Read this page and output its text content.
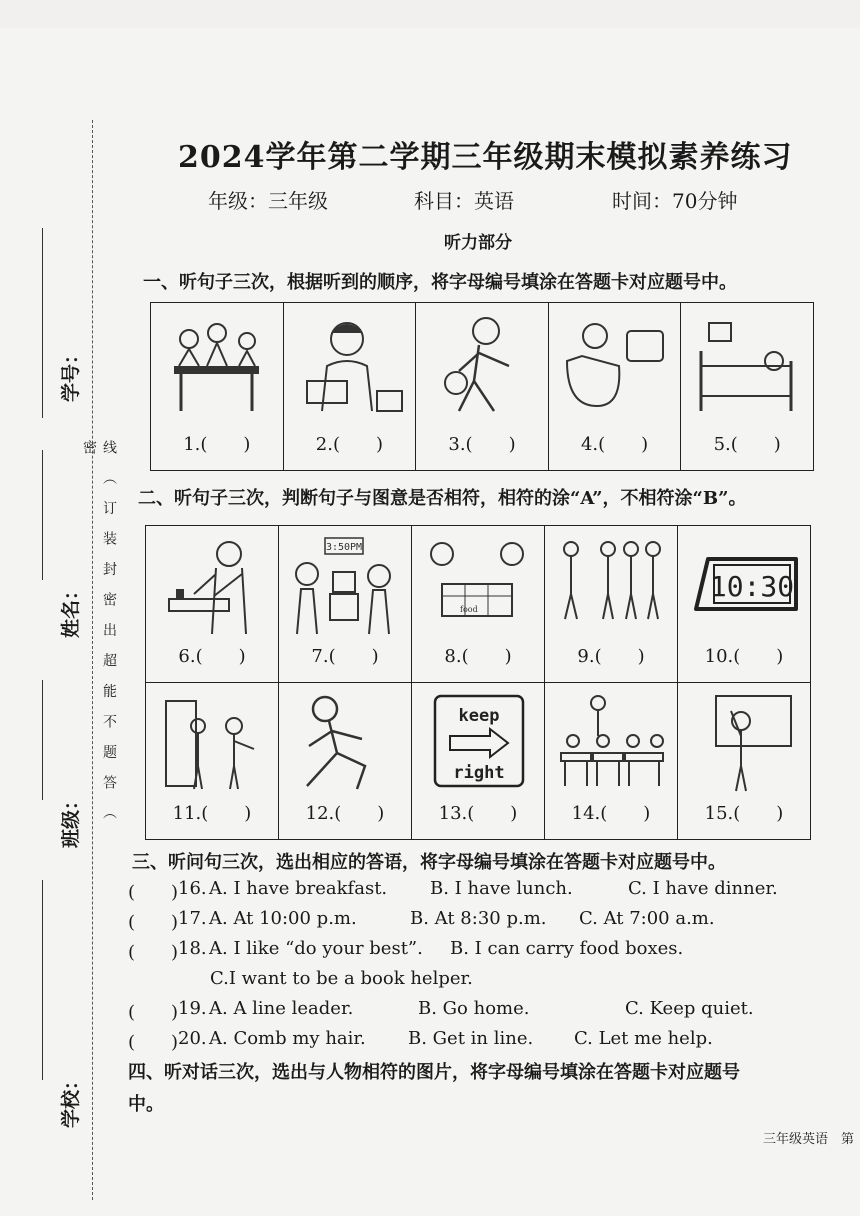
学号：
姓名：
班级：
学校：
线 （ 订 装 封 密 出 超 能 不 题 答 （ 密
2024学年第二学期三年级期末模拟素养练习
年级：三年级	科目：英语	时间：70分钟
听力部分
一、听句子三次，根据听到的顺序，将字母编号填涂在答题卡对应题号中。
1.(　　)	2.(　　)	3.(　　)	4.(　　)	5.(　　)
二、听句子三次，判断句子与图意是否相符，相符的涂“A”，不相符涂“B”。
6.(　　)
3:50PM
7.(　　)
food
8.(　　)	9.(　　)
10:30
10.(　　)
11.(　　)	12.(　　)
keep
right
13.(　　)	14.(　　)	15.(　　)
三、听问句三次，选出相应的答语，将字母编号填涂在答题卡对应题号中。
(　　) 16. A. I have breakfast. B. I have lunch.	C. I have dinner.
(　　) 17. A. At 10:00 p.m.	B. At 8:30 p.m. C. At 7:00 a.m.
(　　) 18. A. I like “do your best”. B. I can carry food boxes.
C.I want to be a book helper.
(　　) 19. A. A line leader.	B. Go home.	C. Keep quiet.
(　　) 20. A. Comb my hair. B. Get in line. C. Let me help.
四、听对话三次，选出与人物相符的图片，将字母编号填涂在答题卡对应题号
中。
三年级英语　第
